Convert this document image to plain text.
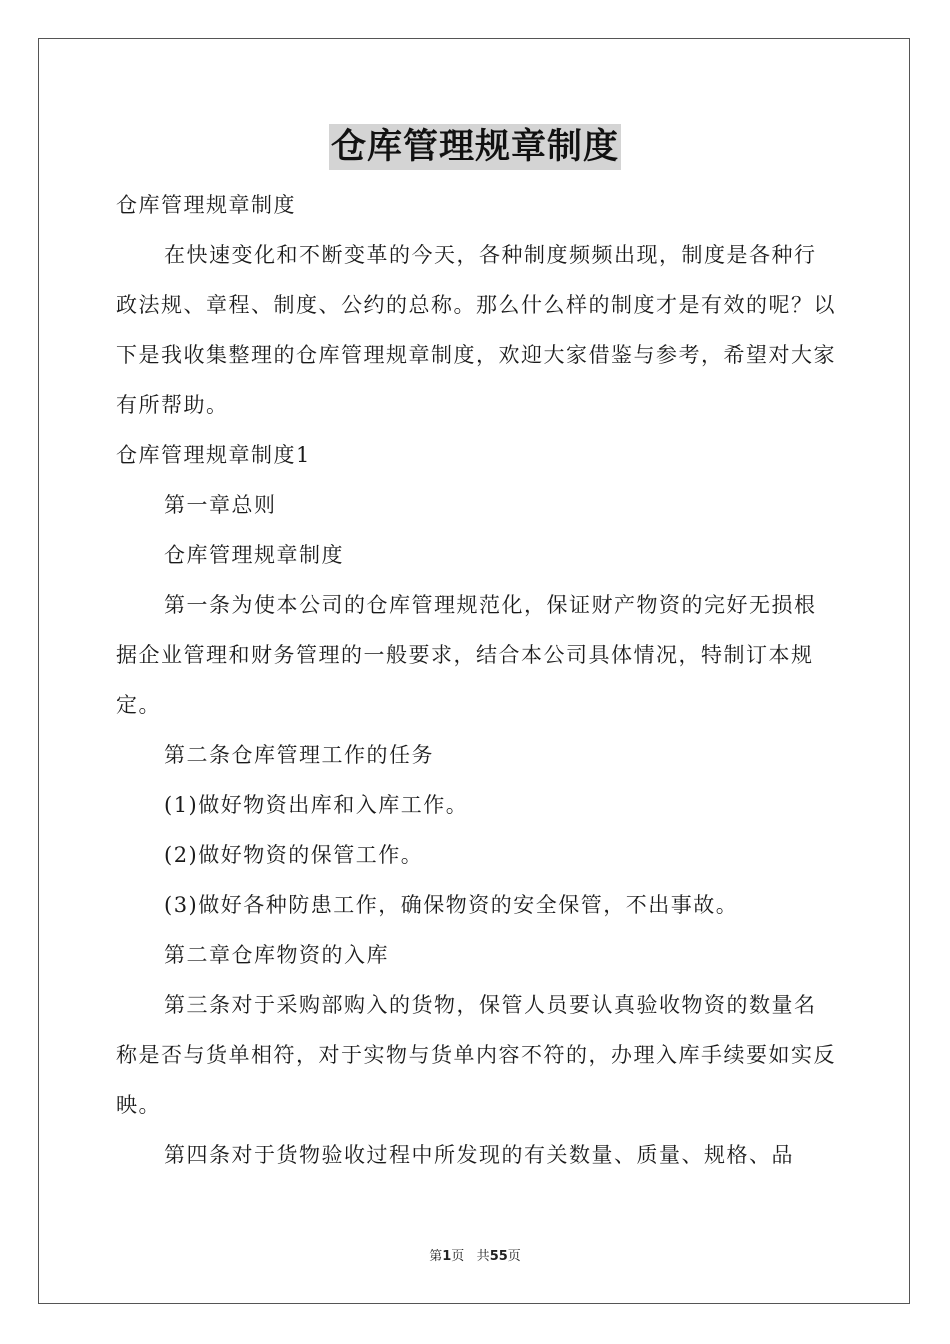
仓库管理规章制度

仓库管理规章制度

在快速变化和不断变革的今天，各种制度频频出现，制度是各种行政法规、章程、制度、公约的总称。那么什么样的制度才是有效的呢？以下是我收集整理的仓库管理规章制度，欢迎大家借鉴与参考，希望对大家有所帮助。

仓库管理规章制度1

第一章总则

仓库管理规章制度

第一条为使本公司的仓库管理规范化，保证财产物资的完好无损根据企业管理和财务管理的一般要求，结合本公司具体情况，特制订本规定。

第二条仓库管理工作的任务

(1)做好物资出库和入库工作。

(2)做好物资的保管工作。

(3)做好各种防患工作，确保物资的安全保管，不出事故。

第二章仓库物资的入库

第三条对于采购部购入的货物，保管人员要认真验收物资的数量名称是否与货单相符，对于实物与货单内容不符的，办理入库手续要如实反映。

第四条对于货物验收过程中所发现的有关数量、质量、规格、品

第1页 共55页
